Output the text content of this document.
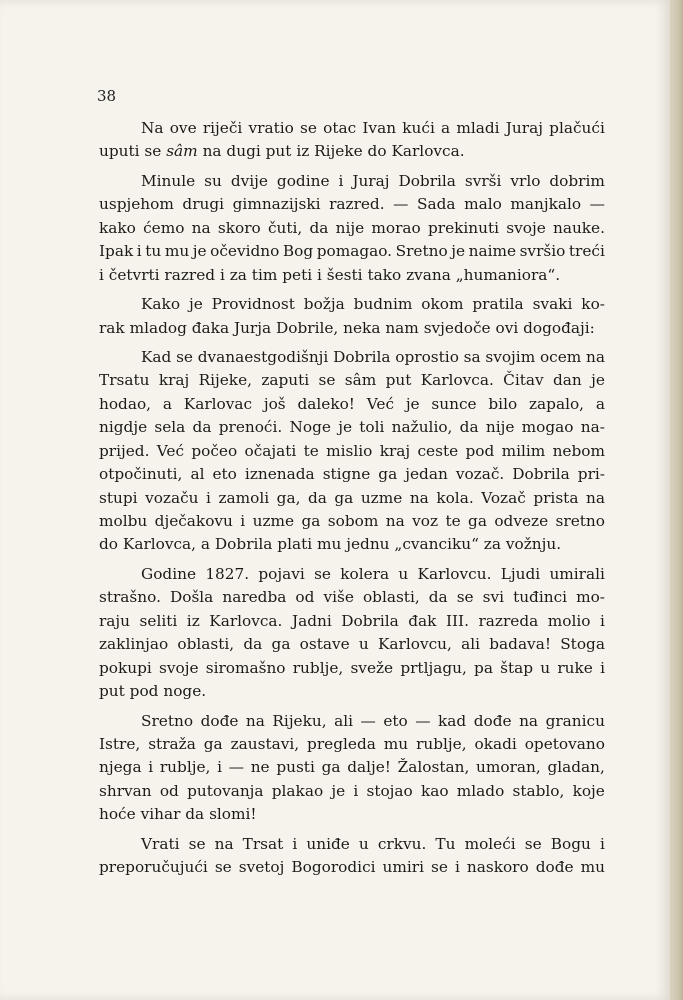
38
Na ove riječi vratio se otac Ivan kući a mladi Juraj plačući
uputi
se
sâm
na
dugi
put
iz
Rijeke
do
Karlovca.
Minule su dvije godine i Juraj Dobrila svrši vrlo dobrim
uspjehom drugi gimnazijski razred. — Sada malo manjkalo —
kako ćemo na skoro čuti, da nije morao prekinuti svoje nauke.
Ipak i tu mu je očevidno Bog pomagao. Sretno je naime svršio treći
i
četvrti
razred
i
za
tim
peti
i
šesti
tako
zvana
„humaniora“.
Kako je Providnost božja budnim okom pratila svaki ko-
rak
mladog
đaka
Jurja
Dobrile,
neka
nam
svjedoče
ovi
dogođaji:
Kad se dvanaestgodišnji Dobrila oprostio sa svojim ocem na
Trsatu kraj Rijeke, zaputi se sâm put Karlovca. Čitav dan je
hodao, a Karlovac još daleko! Već je sunce bilo zapalo, a
nigdje sela da prenoći. Noge je toli nažulio, da nije mogao na-
prijed. Već počeo očajati te mislio kraj ceste pod milim nebom
otpočinuti, al eto iznenada stigne ga jedan vozač. Dobrila pri-
stupi vozaču i zamoli ga, da ga uzme na kola. Vozač prista na
molbu dječakovu i uzme ga sobom na voz te ga odveze sretno
do
Karlovca,
a
Dobrila
plati
mu
jednu
„cvanciku“
za
vožnju.
Godine 1827. pojavi se kolera u Karlovcu. Ljudi umirali
strašno. Došla naredba od više oblasti, da se svi tuđinci mo-
raju seliti iz Karlovca. Jadni Dobrila đak III. razreda molio i
zaklinjao oblasti, da ga ostave u Karlovcu, ali badava! Stoga
pokupi svoje siromašno rublje, sveže prtljagu, pa štap u ruke i
put
pod
noge.
Sretno dođe na Rijeku, ali — eto — kad dođe na granicu
Istre, straža ga zaustavi, pregleda mu rublje, okadi opetovano
njega i rublje, i — ne pusti ga dalje! Žalostan, umoran, gladan,
shrvan od putovanja plakao je i stojao kao mlado stablo, koje
hoće
vihar
da
slomi!
Vrati se na Trsat i uniđe u crkvu. Tu moleći se Bogu i
preporučujući se svetoj Bogorodici umiri se i naskoro dođe mu
